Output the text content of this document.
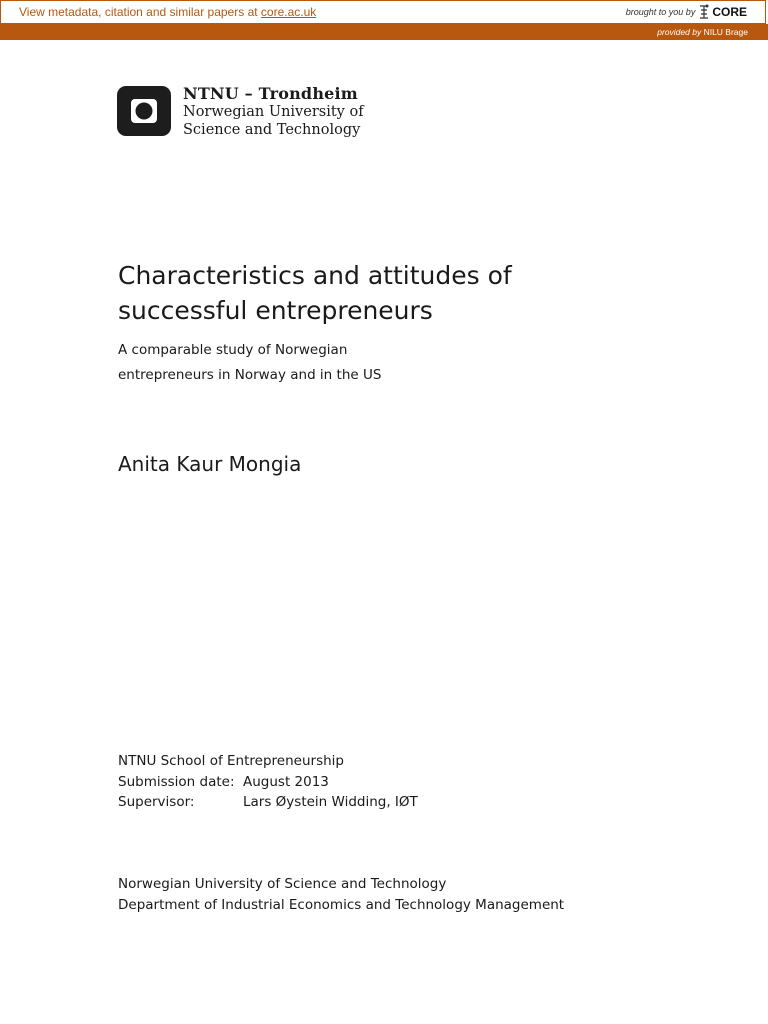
View metadata, citation and similar papers at core.ac.uk	brought to you by CORE
provided by NILU Brage
NTNU – Trondheim
Norwegian University of
Science and Technology
Characteristics and attitudes of
successful entrepreneurs
A comparable study of Norwegian
entrepreneurs in Norway and in the US
Anita Kaur Mongia
NTNU School of Entrepreneurship
Submission date: August 2013
Supervisor:	Lars Øystein Widding, IØT
Norwegian University of Science and Technology
Department of Industrial Economics and Technology Management
